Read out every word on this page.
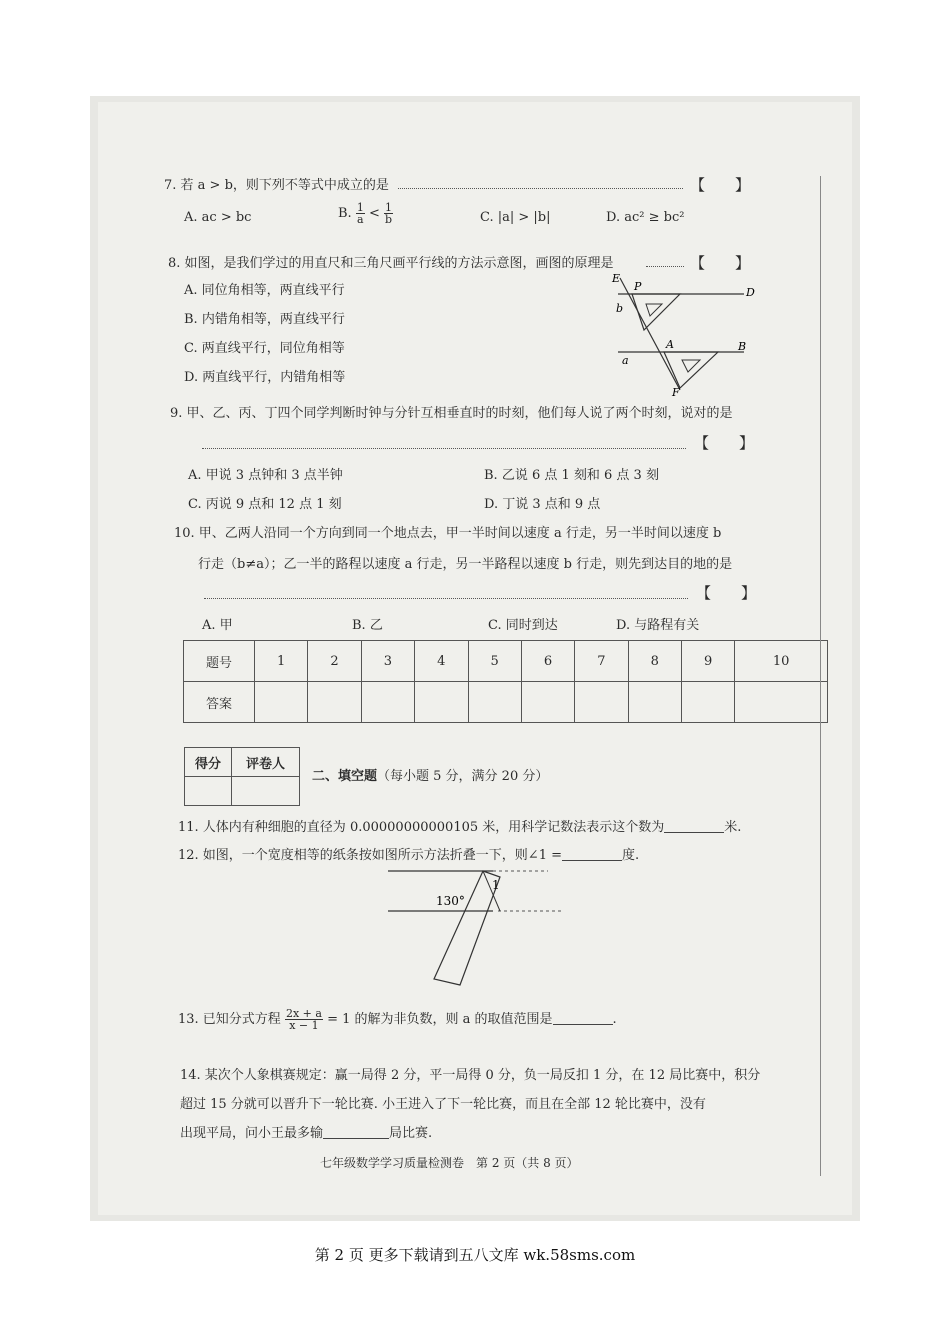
7. 若 a > b，则下列不等式中成立的是	【　　】
A. ac > bc	B. $\frac{1}{a} < \frac{1}{b}$	C. |a| > |b|	D. ac² ≥ bc²
8. 如图，是我们学过的用直尺和三角尺画平行线的方法示意图，画图的原理是	【　　】
A. 同位角相等，两直线平行
B. 内错角相等，两直线平行
C. 两直线平行，同位角相等
D. 两直线平行，内错角相等
E
P	D
b
a
A	B
F
9. 甲、乙、丙、丁四个同学判断时钟与分针互相垂直时的时刻，他们每人说了两个时刻，说对的是
【　　】
A. 甲说 3 点钟和 3 点半钟	B. 乙说 6 点 1 刻和 6 点 3 刻
C. 丙说 9 点和 12 点 1 刻	D. 丁说 3 点和 9 点
10. 甲、乙两人沿同一个方向到同一个地点去，甲一半时间以速度 a 行走，另一半时间以速度 b
行走（b≠a）；乙一半的路程以速度 a 行走，另一半路程以速度 b 行走，则先到达目的地的是
【　　】
A. 甲	B. 乙	C. 同时到达	D. 与路程有关
题号	1	2	3	4	5	6	7	8	9	10
答案										
得分	评卷人

二、填空题（每小题 5 分，满分 20 分）
11. 人体内有种细胞的直径为 0.00000000000105 米，用科学记数法表示这个数为	米.
12. 如图，一个宽度相等的纸条按如图所示方法折叠一下，则∠1 =	度.
130°
1
13. 已知分式方程 $\frac{2x + a}{x - 1} = 1$ 的解为非负数，则 a 的取值范围是	.
14. 某次个人象棋赛规定：赢一局得 2 分，平一局得 0 分，负一局反扣 1 分，在 12 局比赛中，积分
超过 15 分就可以晋升下一轮比赛. 小王进入了下一轮比赛，而且在全部 12 轮比赛中，没有
出现平局，问小王最多输	局比赛.
七年级数学学习质量检测卷　第 2 页（共 8 页）
第 2 页 更多下载请到五八文库 wk.58sms.com
